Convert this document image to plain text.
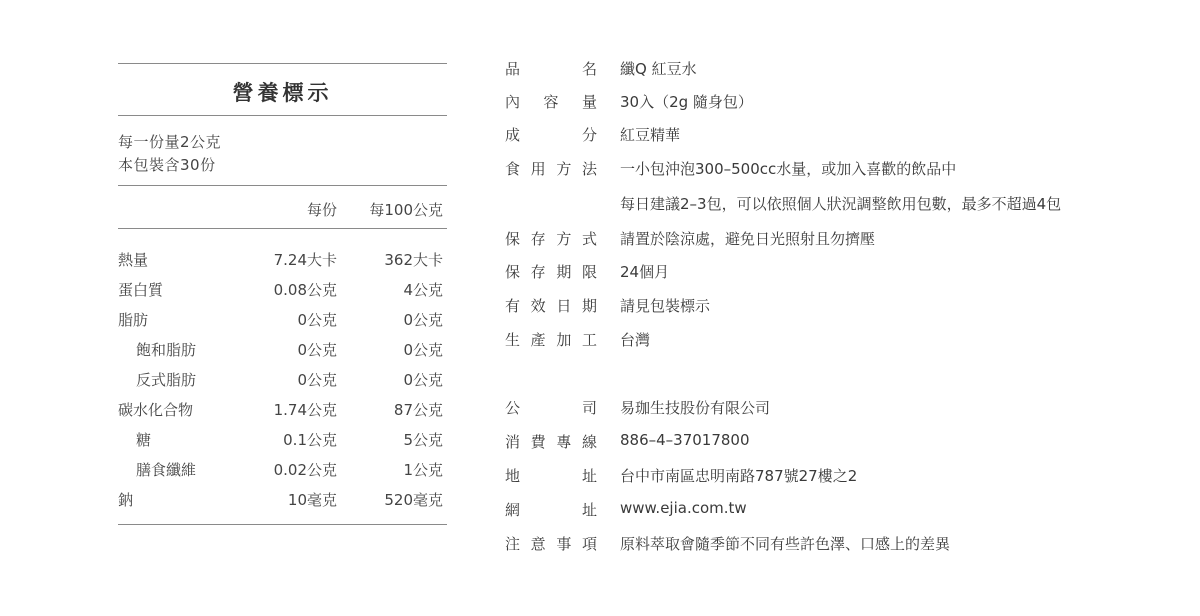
營養標示
每一份量2公克
本包裝含30份
每份 每100公克
熱量	7.24大卡	362大卡
蛋白質	0.08公克	4公克
脂肪	0公克	0公克
飽和脂肪	0公克	0公克
反式脂肪	0公克	0公克
碳水化合物	1.74公克	87公克
糖	0.1公克	5公克
膳食纖維	0.02公克	1公克
鈉	10毫克	520毫克
品	名 纖Q 紅豆水
內 容 量 30入（2g 隨身包）
成	分 紅豆精華
食 用 方 法 一小包沖泡300–500cc水量，或加入喜歡的飲品中
每日建議2–3包，可以依照個人狀況調整飲用包數，最多不超過4包
保 存 方 式 請置於陰涼處，避免日光照射且勿擠壓
保 存 期 限 24個月
有 效 日 期 請見包裝標示
生 產 加 工 台灣
公	司 易珈生技股份有限公司
消 費 專 線 886–4–37017800
地	址 台中市南區忠明南路787號27樓之2
網	址 www.ejia.com.tw
注 意 事 項 原料萃取會隨季節不同有些許色澤、口感上的差異
